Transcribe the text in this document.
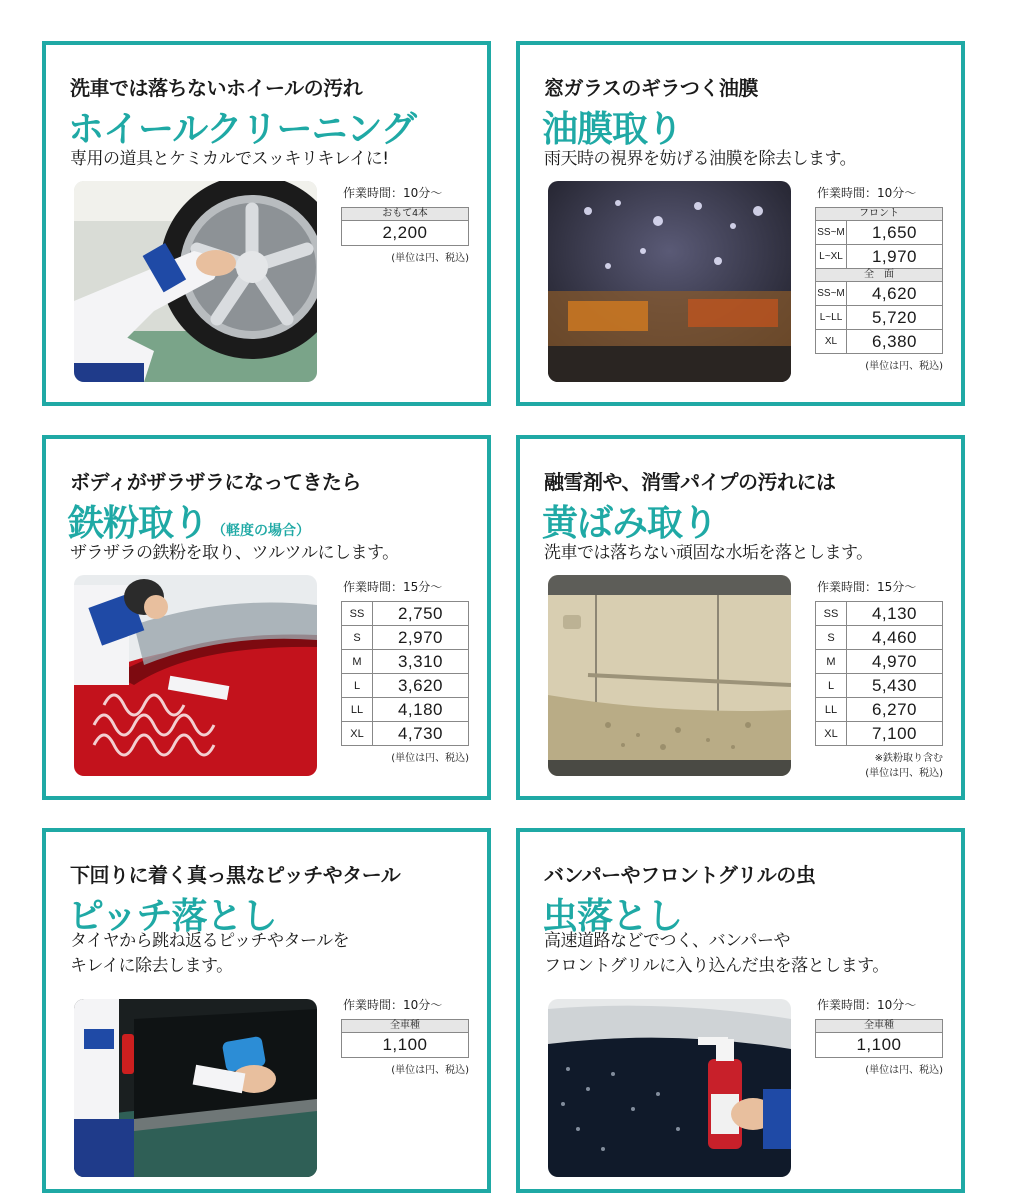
洗車では落ちないホイールの汚れ
ホイールクリーニング
専用の道具とケミカルでスッキリキレイに!
作業時間：10分〜
おもて4本
2,200
(単位は円、税込)
窓ガラスのギラつく油膜
油膜取り
雨天時の視界を妨げる油膜を除去します。
作業時間：10分〜
フロント	
SS~M	1,650
L~XL	1,970
全　面	
SS~M	4,620
L~LL	5,720
XL	6,380
(単位は円、税込)
ボディがザラザラになってきたら
鉄粉取り （軽度の場合）
ザラザラの鉄粉を取り、ツルツルにします。
作業時間：15分〜
SS	2,750
S	2,970
M	3,310
L	3,620
LL	4,180
XL	4,730
(単位は円、税込)
融雪剤や、消雪パイプの汚れには
黄ばみ取り
洗車では落ちない頑固な水垢を落とします。
作業時間：15分〜
SS	4,130
S	4,460
M	4,970
L	5,430
LL	6,270
XL	7,100
※鉄粉取り含む
(単位は円、税込)
下回りに着く真っ黒なピッチやタール
ピッチ落とし
タイヤから跳ね返るピッチやタールを
キレイに除去します。
作業時間：10分〜
全車種
1,100
(単位は円、税込)
バンパーやフロントグリルの虫
虫落とし
高速道路などでつく、バンパーや
フロントグリルに入り込んだ虫を落とします。
作業時間：10分〜
全車種
1,100
(単位は円、税込)
